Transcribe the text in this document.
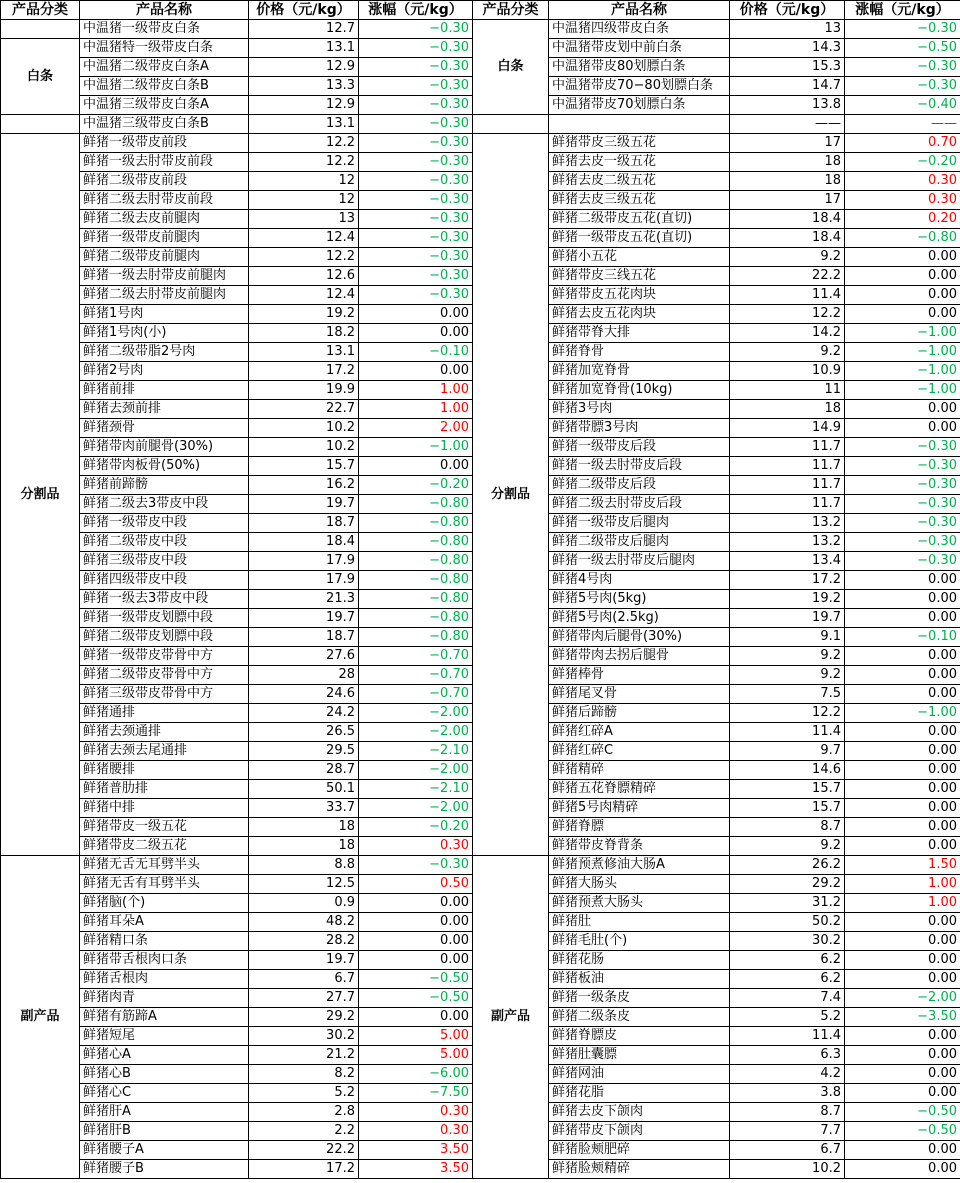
产品分类	产品名称	价格（元/kg）	涨幅（元/kg）	产品分类	产品名称	价格（元/kg）	涨幅（元/kg）
	中温猪一级带皮白条	12.7	−0.30	白条	中温猪四级带皮白条	13	−0.30
白条	中温猪特一级带皮白条	13.1	−0.30		中温猪带皮划中前白条	14.3	−0.50
	中温猪二级带皮白条A	12.9	−0.30		中温猪带皮80划膘白条	15.3	−0.30
	中温猪二级带皮白条B	13.3	−0.30		中温猪带皮70−80划膘白条	14.7	−0.30
	中温猪三级带皮白条A	12.9	−0.30		中温猪带皮70划膘白条	13.8	−0.40
	中温猪三级带皮白条B	13.1	−0.30			——	——
分割品	鲜猪一级带皮前段	12.2	−0.30	分割品	鲜猪带皮三级五花	17	0.70
	鲜猪一级去肘带皮前段	12.2	−0.30		鲜猪去皮一级五花	18	−0.20
	鲜猪二级带皮前段	12	−0.30		鲜猪去皮二级五花	18	0.30
	鲜猪二级去肘带皮前段	12	−0.30		鲜猪去皮三级五花	17	0.30
	鲜猪二级去皮前腿肉	13	−0.30		鲜猪二级带皮五花(直切)	18.4	0.20
	鲜猪一级带皮前腿肉	12.4	−0.30		鲜猪一级带皮五花(直切)	18.4	−0.80
	鲜猪二级带皮前腿肉	12.2	−0.30		鲜猪小五花	9.2	0.00
	鲜猪一级去肘带皮前腿肉	12.6	−0.30		鲜猪带皮三线五花	22.2	0.00
	鲜猪二级去肘带皮前腿肉	12.4	−0.30		鲜猪带皮五花肉块	11.4	0.00
	鲜猪1号肉	19.2	0.00		鲜猪去皮五花肉块	12.2	0.00
	鲜猪1号肉(小)	18.2	0.00		鲜猪带脊大排	14.2	−1.00
	鲜猪二级带脂2号肉	13.1	−0.10		鲜猪脊骨	9.2	−1.00
	鲜猪2号肉	17.2	0.00		鲜猪加宽脊骨	10.9	−1.00
	鲜猪前排	19.9	1.00		鲜猪加宽脊骨(10kg)	11	−1.00
	鲜猪去颈前排	22.7	1.00		鲜猪3号肉	18	0.00
	鲜猪颈骨	10.2	2.00		鲜猪带膘3号肉	14.9	0.00
	鲜猪带肉前腿骨(30%)	10.2	−1.00		鲜猪一级带皮后段	11.7	−0.30
	鲜猪带肉板骨(50%)	15.7	0.00		鲜猪一级去肘带皮后段	11.7	−0.30
	鲜猪前蹄髈	16.2	−0.20		鲜猪二级带皮后段	11.7	−0.30
	鲜猪二级去3带皮中段	19.7	−0.80		鲜猪二级去肘带皮后段	11.7	−0.30
	鲜猪一级带皮中段	18.7	−0.80		鲜猪一级带皮后腿肉	13.2	−0.30
	鲜猪二级带皮中段	18.4	−0.80		鲜猪二级带皮后腿肉	13.2	−0.30
	鲜猪三级带皮中段	17.9	−0.80		鲜猪一级去肘带皮后腿肉	13.4	−0.30
	鲜猪四级带皮中段	17.9	−0.80		鲜猪4号肉	17.2	0.00
	鲜猪一级去3带皮中段	21.3	−0.80		鲜猪5号肉(5kg)	19.2	0.00
	鲜猪一级带皮划膘中段	19.7	−0.80		鲜猪5号肉(2.5kg)	19.7	0.00
	鲜猪二级带皮划膘中段	18.7	−0.80		鲜猪带肉后腿骨(30%)	9.1	−0.10
	鲜猪一级带皮带骨中方	27.6	−0.70		鲜猪带肉去拐后腿骨	9.2	0.00
	鲜猪二级带皮带骨中方	28	−0.70		鲜猪棒骨	9.2	0.00
	鲜猪三级带皮带骨中方	24.6	−0.70		鲜猪尾叉骨	7.5	0.00
	鲜猪通排	24.2	−2.00		鲜猪后蹄髈	12.2	−1.00
	鲜猪去颈通排	26.5	−2.00		鲜猪红碎A	11.4	0.00
	鲜猪去颈去尾通排	29.5	−2.10		鲜猪红碎C	9.7	0.00
	鲜猪腰排	28.7	−2.00		鲜猪精碎	14.6	0.00
	鲜猪普肋排	50.1	−2.10		鲜猪五花脊膘精碎	15.7	0.00
	鲜猪中排	33.7	−2.00		鲜猪5号肉精碎	15.7	0.00
	鲜猪带皮一级五花	18	−0.20		鲜猪脊膘	8.7	0.00
	鲜猪带皮二级五花	18	0.30		鲜猪带皮脊背条	9.2	0.00
副产品	鲜猪无舌无耳劈半头	8.8	−0.30	副产品	鲜猪预煮修油大肠A	26.2	1.50
	鲜猪无舌有耳劈半头	12.5	0.50		鲜猪大肠头	29.2	1.00
	鲜猪脑(个)	0.9	0.00		鲜猪预煮大肠头	31.2	1.00
	鲜猪耳朵A	48.2	0.00		鲜猪肚	50.2	0.00
	鲜猪精口条	28.2	0.00		鲜猪毛肚(个)	30.2	0.00
	鲜猪带舌根肉口条	19.7	0.00		鲜猪花肠	6.2	0.00
	鲜猪舌根肉	6.7	−0.50		鲜猪板油	6.2	0.00
	鲜猪肉青	27.7	−0.50		鲜猪一级条皮	7.4	−2.00
	鲜猪有筋蹄A	29.2	0.00		鲜猪二级条皮	5.2	−3.50
	鲜猪短尾	30.2	5.00		鲜猪脊膘皮	11.4	0.00
	鲜猪心A	21.2	5.00		鲜猪肚囊膘	6.3	0.00
	鲜猪心B	8.2	−6.00		鲜猪网油	4.2	0.00
	鲜猪心C	5.2	−7.50		鲜猪花脂	3.8	0.00
	鲜猪肝A	2.8	0.30		鲜猪去皮下颌肉	8.7	−0.50
	鲜猪肝B	2.2	0.30		鲜猪带皮下颌肉	7.7	−0.50
	鲜猪腰子A	22.2	3.50		鲜猪脸颊肥碎	6.7	0.00
	鲜猪腰子B	17.2	3.50		鲜猪脸颊精碎	10.2	0.00
